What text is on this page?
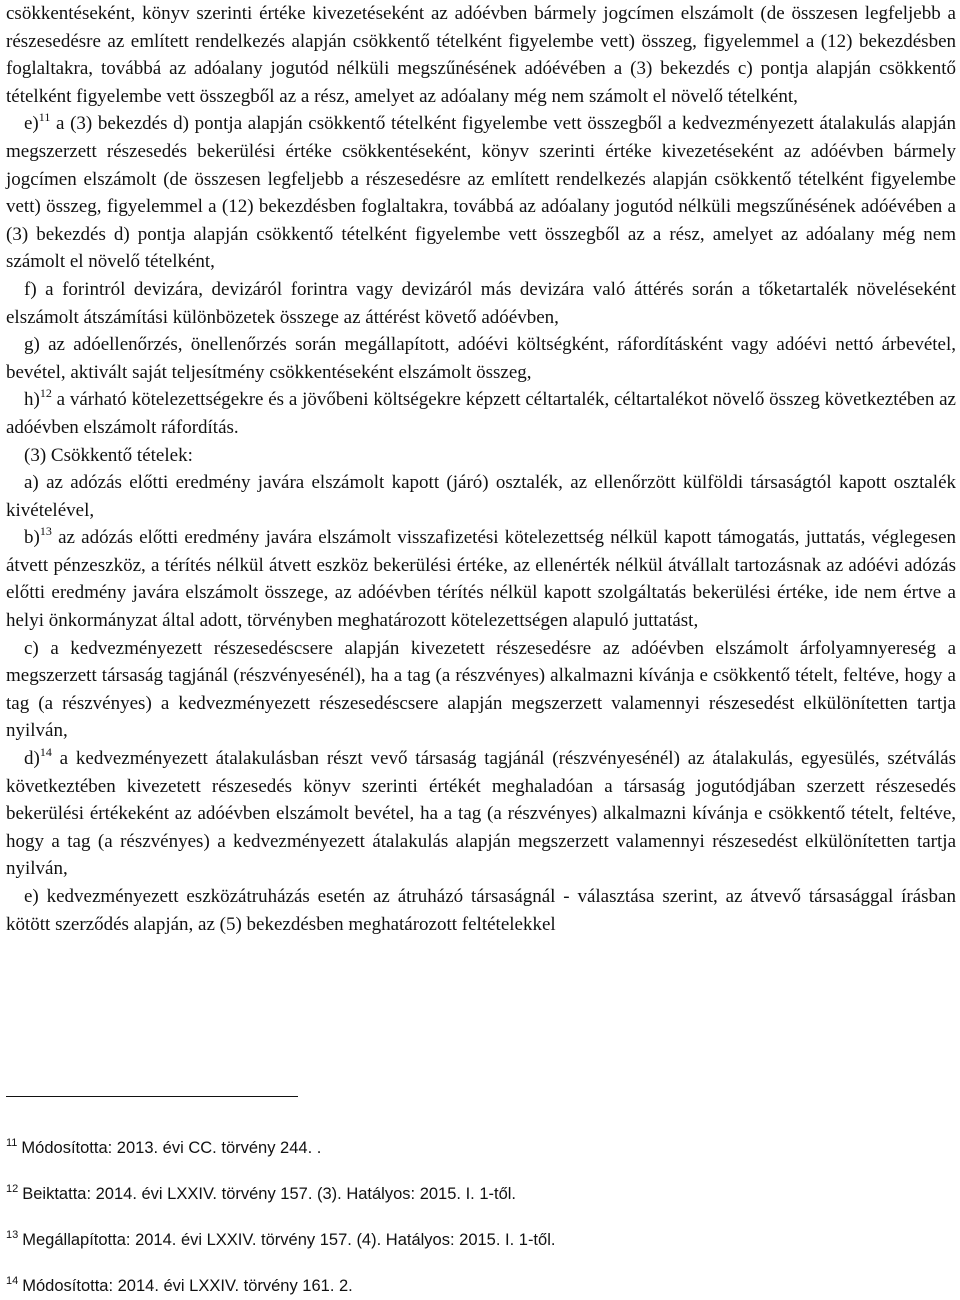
csökkentéseként, könyv szerinti értéke kivezetéseként az adóévben bármely jogcímen elszámolt (de összesen legfeljebb a részesedésre az említett rendelkezés alapján csökkentő tételként figyelembe vett) összeg, figyelemmel a (12) bekezdésben foglaltakra, továbbá az adóalany jogutód nélküli megszűnésének adóévében a (3) bekezdés c) pontja alapján csökkentő tételként figyelembe vett összegből az a rész, amelyet az adóalany még nem számolt el növelő tételként,

e)$^{11}$ a (3) bekezdés d) pontja alapján csökkentő tételként figyelembe vett összegből a kedvezményezett átalakulás alapján megszerzett részesedés bekerülési értéke csökkentéseként, könyv szerinti értéke kivezetéseként az adóévben bármely jogcímen elszámolt (de összesen legfeljebb a részesedésre az említett rendelkezés alapján csökkentő tételként figyelembe vett) összeg, figyelemmel a (12) bekezdésben foglaltakra, továbbá az adóalany jogutód nélküli megszűnésének adóévében a (3) bekezdés d) pontja alapján csökkentő tételként figyelembe vett összegből az a rész, amelyet az adóalany még nem számolt el növelő tételként,

f) a forintról devizára, devizáról forintra vagy devizáról más devizára való áttérés során a tőketartalék növeléseként elszámolt átszámítási különbözetek összege az áttérést követő adóévben,

g) az adóellenőrzés, önellenőrzés során megállapított, adóévi költségként, ráfordításként vagy adóévi nettó árbevétel, bevétel, aktivált saját teljesítmény csökkentéseként elszámolt összeg,

h)$^{12}$ a várható kötelezettségekre és a jövőbeni költségekre képzett céltartalék, céltartalékot növelő összeg következtében az adóévben elszámolt ráfordítás.

(3) Csökkentő tételek:

a) az adózás előtti eredmény javára elszámolt kapott (járó) osztalék, az ellenőrzött külföldi társaságtól kapott osztalék kivételével,

b)$^{13}$ az adózás előtti eredmény javára elszámolt visszafizetési kötelezettség nélkül kapott támogatás, juttatás, véglegesen átvett pénzeszköz, a térítés nélkül átvett eszköz bekerülési értéke, az ellenérték nélkül átvállalt tartozásnak az adóévi adózás előtti eredmény javára elszámolt összege, az adóévben térítés nélkül kapott szolgáltatás bekerülési értéke, ide nem értve a helyi önkormányzat által adott, törvényben meghatározott kötelezettségen alapuló juttatást,

c) a kedvezményezett részesedéscsere alapján kivezetett részesedésre az adóévben elszámolt árfolyamnyereség a megszerzett társaság tagjánál (részvényesénél), ha a tag (a részvényes) alkalmazni kívánja e csökkentő tételt, feltéve, hogy a tag (a részvényes) a kedvezményezett részesedéscsere alapján megszerzett valamennyi részesedést elkülönítetten tartja nyilván,

d)$^{14}$ a kedvezményezett átalakulásban részt vevő társaság tagjánál (részvényesénél) az átalakulás, egyesülés, szétválás következtében kivezetett részesedés könyv szerinti értékét meghaladóan a társaság jogutódjában szerzett részesedés bekerülési értékeként az adóévben elszámolt bevétel, ha a tag (a részvényes) alkalmazni kívánja e csökkentő tételt, feltéve, hogy a tag (a részvényes) a kedvezményezett átalakulás alapján megszerzett valamennyi részesedést elkülönítetten tartja nyilván,

e) kedvezményezett eszközátruházás esetén az átruházó társaságnál - választása szerint, az átvevő társasággal írásban kötött szerződés alapján, az (5) bekezdésben meghatározott feltételekkel

$^{11}$ Módosította: 2013. évi CC. törvény 244. .

$^{12}$ Beiktatta: 2014. évi LXXIV. törvény 157. (3). Hatályos: 2015. I. 1-től.

$^{13}$ Megállapította: 2014. évi LXXIV. törvény 157. (4). Hatályos: 2015. I. 1-től.

$^{14}$ Módosította: 2014. évi LXXIV. törvény 161. 2.
